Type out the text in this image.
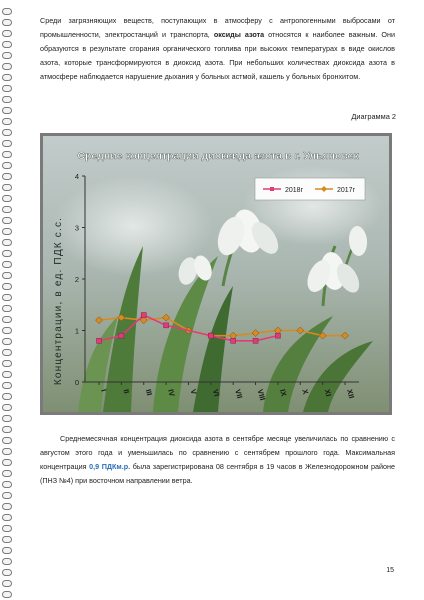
Среди загрязняющих веществ, поступающих в атмосферу с антропогенными выбросами от промышленности, электростанций и транспорта, оксиды азота относятся к наиболее важным. Они образуются в результате сгорания органического топлива при высоких температурах в виде окислов азота, которые трансформируются в диоксид азота. При небольших количествах диоксида азота в атмосфере наблюдается нарушение дыхания у больных астмой, кашель у больных бронхитом.

Диаграмма 2
0
1
2
3
4
I II III IV V VI VII VIII IX X XI XII
Средние концентрации диоксида азота в г. Ульяновск
Концентрации, в ед. ПДК с.с.
2018г	2017г

Среднемесячная концентрация диоксида азота в сентябре месяце увеличилась по сравнению с августом этого года и уменьшилась по сравнению с сентябрем прошлого года. Максимальная концентрация 0,9 ПДКм.р. была зарегистрирована 08 сентября в 19 часов в Железнодорожном районе (ПНЗ №4) при восточном направлении ветра.

15
